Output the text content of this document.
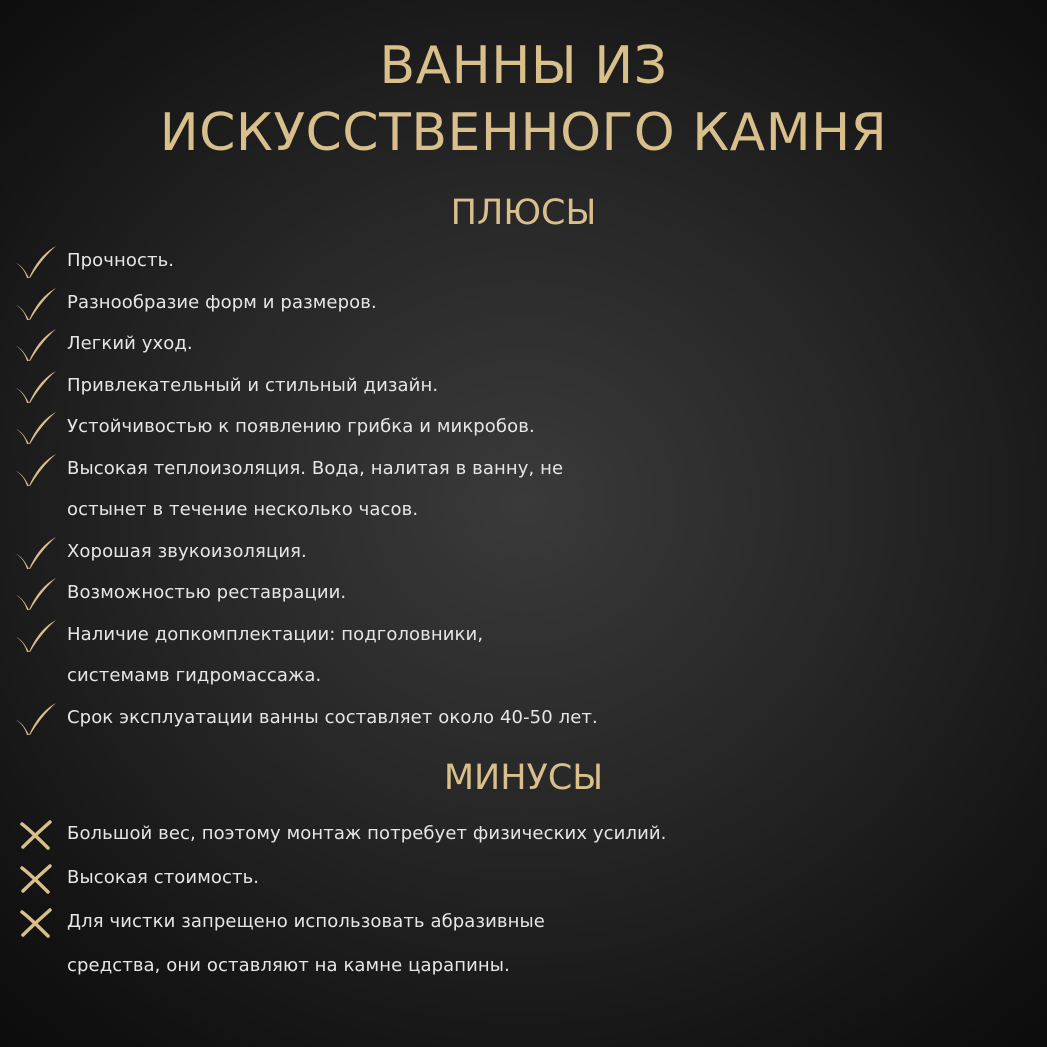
ВАННЫ ИЗ
ИСКУССТВЕННОГО КАМНЯ
ПЛЮСЫ
Прочность.
Разнообразие форм и размеров.
Легкий уход.
Привлекательный и стильный дизайн.
Устойчивостью к появлению грибка и микробов.
Высокая теплоизоляция. Вода, налитая в ванну, не
остынет в течение несколько часов.
Хорошая звукоизоляция.
Возможностью реставрации.
Наличие допкомплектации: подголовники,
системамв гидромассажа.
Срок эксплуатации ванны составляет около 40-50 лет.
МИНУСЫ
Большой вес, поэтому монтаж потребует физических усилий.
Высокая стоимость.
Для чистки запрещено использовать абразивные
средства, они оставляют на камне царапины.
